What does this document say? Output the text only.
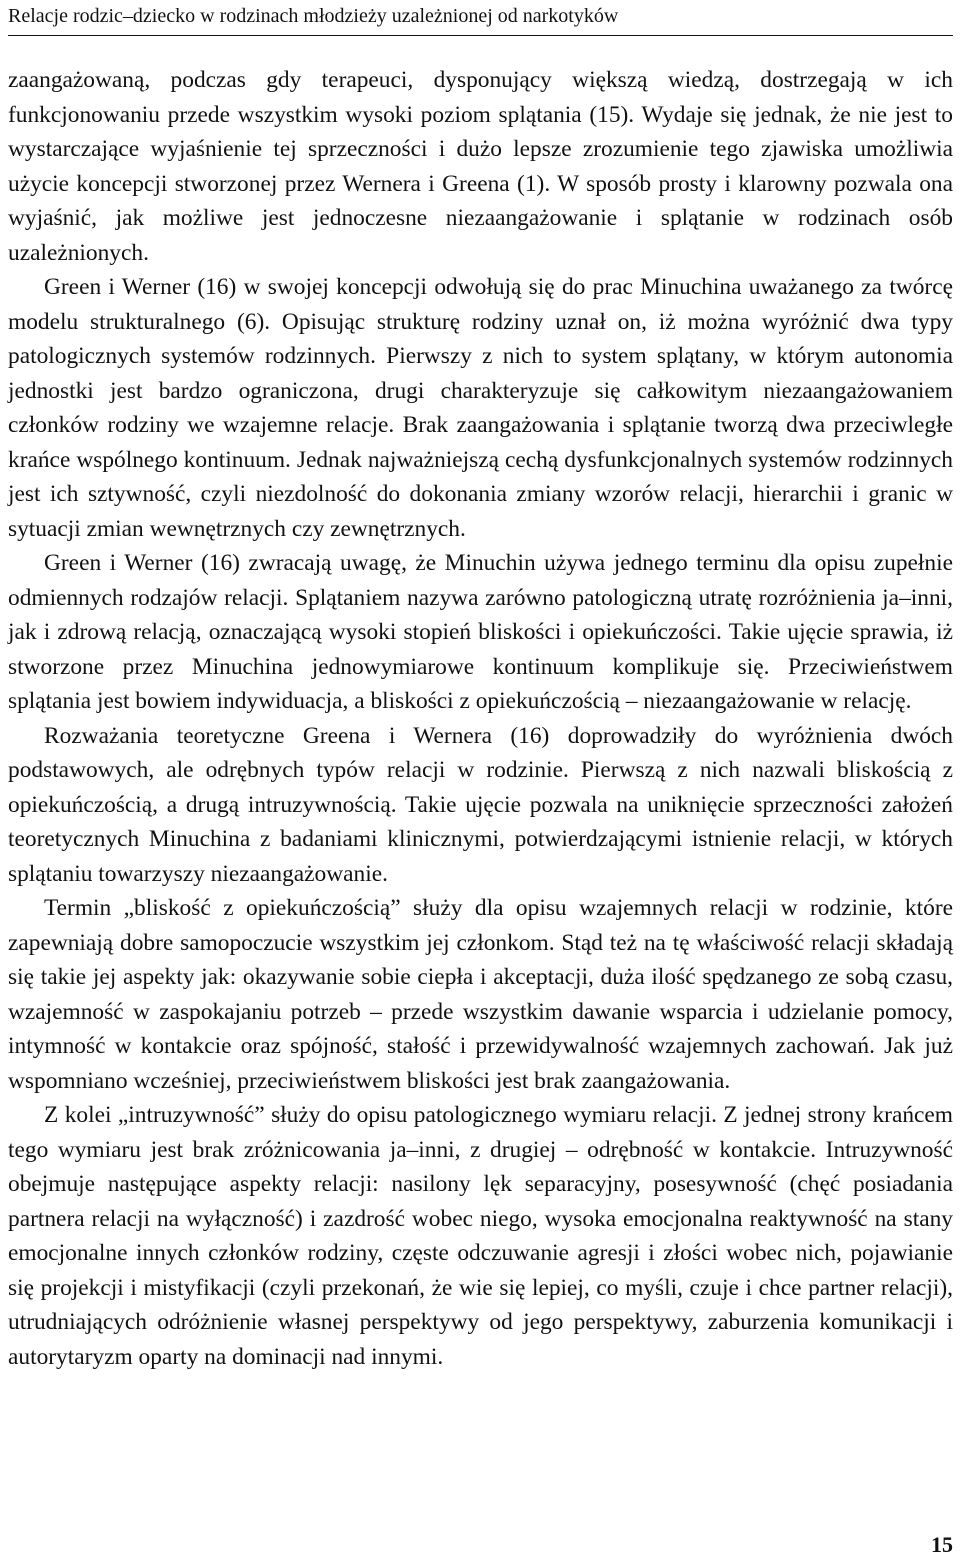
Relacje rodzic–dziecko w rodzinach młodzieży uzależnionej od narkotyków

zaangażowaną, podczas gdy terapeuci, dysponujący większą wiedzą, dostrzegają w ich funkcjonowaniu przede wszystkim wysoki poziom splątania (15). Wydaje się jednak, że nie jest to wystarczające wyjaśnienie tej sprzeczności i dużo lepsze zrozumienie tego zjawiska umożliwia użycie koncepcji stworzonej przez Wernera i Greena (1). W sposób prosty i klarowny pozwala ona wyjaśnić, jak możliwe jest jednoczesne niezaangażowanie i splątanie w rodzinach osób uzależnionych.

Green i Werner (16) w swojej koncepcji odwołują się do prac Minuchina uważanego za twórcę modelu strukturalnego (6). Opisując strukturę rodziny uznał on, iż można wyróżnić dwa typy patologicznych systemów rodzinnych. Pierwszy z nich to system splątany, w którym autonomia jednostki jest bardzo ograniczona, drugi charakteryzuje się całkowitym niezaangażowaniem członków rodziny we wzajemne relacje. Brak zaangażowania i splątanie tworzą dwa przeciwległe krańce wspólnego kontinuum. Jednak najważniejszą cechą dysfunkcjonalnych systemów rodzinnych jest ich sztywność, czyli niezdolność do dokonania zmiany wzorów relacji, hierarchii i granic w sytuacji zmian wewnętrznych czy zewnętrznych.

Green i Werner (16) zwracają uwagę, że Minuchin używa jednego terminu dla opisu zupełnie odmiennych rodzajów relacji. Splątaniem nazywa zarówno patologiczną utratę rozróżnienia ja–inni, jak i zdrową relacją, oznaczającą wysoki stopień bliskości i opiekuńczości. Takie ujęcie sprawia, iż stworzone przez Minuchina jednowymiarowe kontinuum komplikuje się. Przeciwieństwem splątania jest bowiem indywiduacja, a bliskości z opiekuńczością – niezaangażowanie w relację.

Rozważania teoretyczne Greena i Wernera (16) doprowadziły do wyróżnienia dwóch podstawowych, ale odrębnych typów relacji w rodzinie. Pierwszą z nich nazwali bliskością z opiekuńczością, a drugą intruzywnością. Takie ujęcie pozwala na uniknięcie sprzeczności założeń teoretycznych Minuchina z badaniami klinicznymi, potwierdzającymi istnienie relacji, w których splątaniu towarzyszy niezaangażowanie.

Termin „bliskość z opiekuńczością” służy dla opisu wzajemnych relacji w rodzinie, które zapewniają dobre samopoczucie wszystkim jej członkom. Stąd też na tę właściwość relacji składają się takie jej aspekty jak: okazywanie sobie ciepła i akceptacji, duża ilość spędzanego ze sobą czasu, wzajemność w zaspokajaniu potrzeb – przede wszystkim dawanie wsparcia i udzielanie pomocy, intymność w kontakcie oraz spójność, stałość i przewidywalność wzajemnych zachowań. Jak już wspomniano wcześniej, przeciwieństwem bliskości jest brak zaangażowania.

Z kolei „intruzywność” służy do opisu patologicznego wymiaru relacji. Z jednej strony krańcem tego wymiaru jest brak zróżnicowania ja–inni, z drugiej – odrębność w kontakcie. Intruzywność obejmuje następujące aspekty relacji: nasilony lęk separacyjny, posesywność (chęć posiadania partnera relacji na wyłączność) i zazdrość wobec niego, wysoka emocjonalna reaktywność na stany emocjonalne innych członków rodziny, częste odczuwanie agresji i złości wobec nich, pojawianie się projekcji i mistyfikacji (czyli przekonań, że wie się lepiej, co myśli, czuje i chce partner relacji), utrudniających odróżnienie własnej perspektywy od jego perspektywy, zaburzenia komunikacji i autorytaryzm oparty na dominacji nad innymi.

15
